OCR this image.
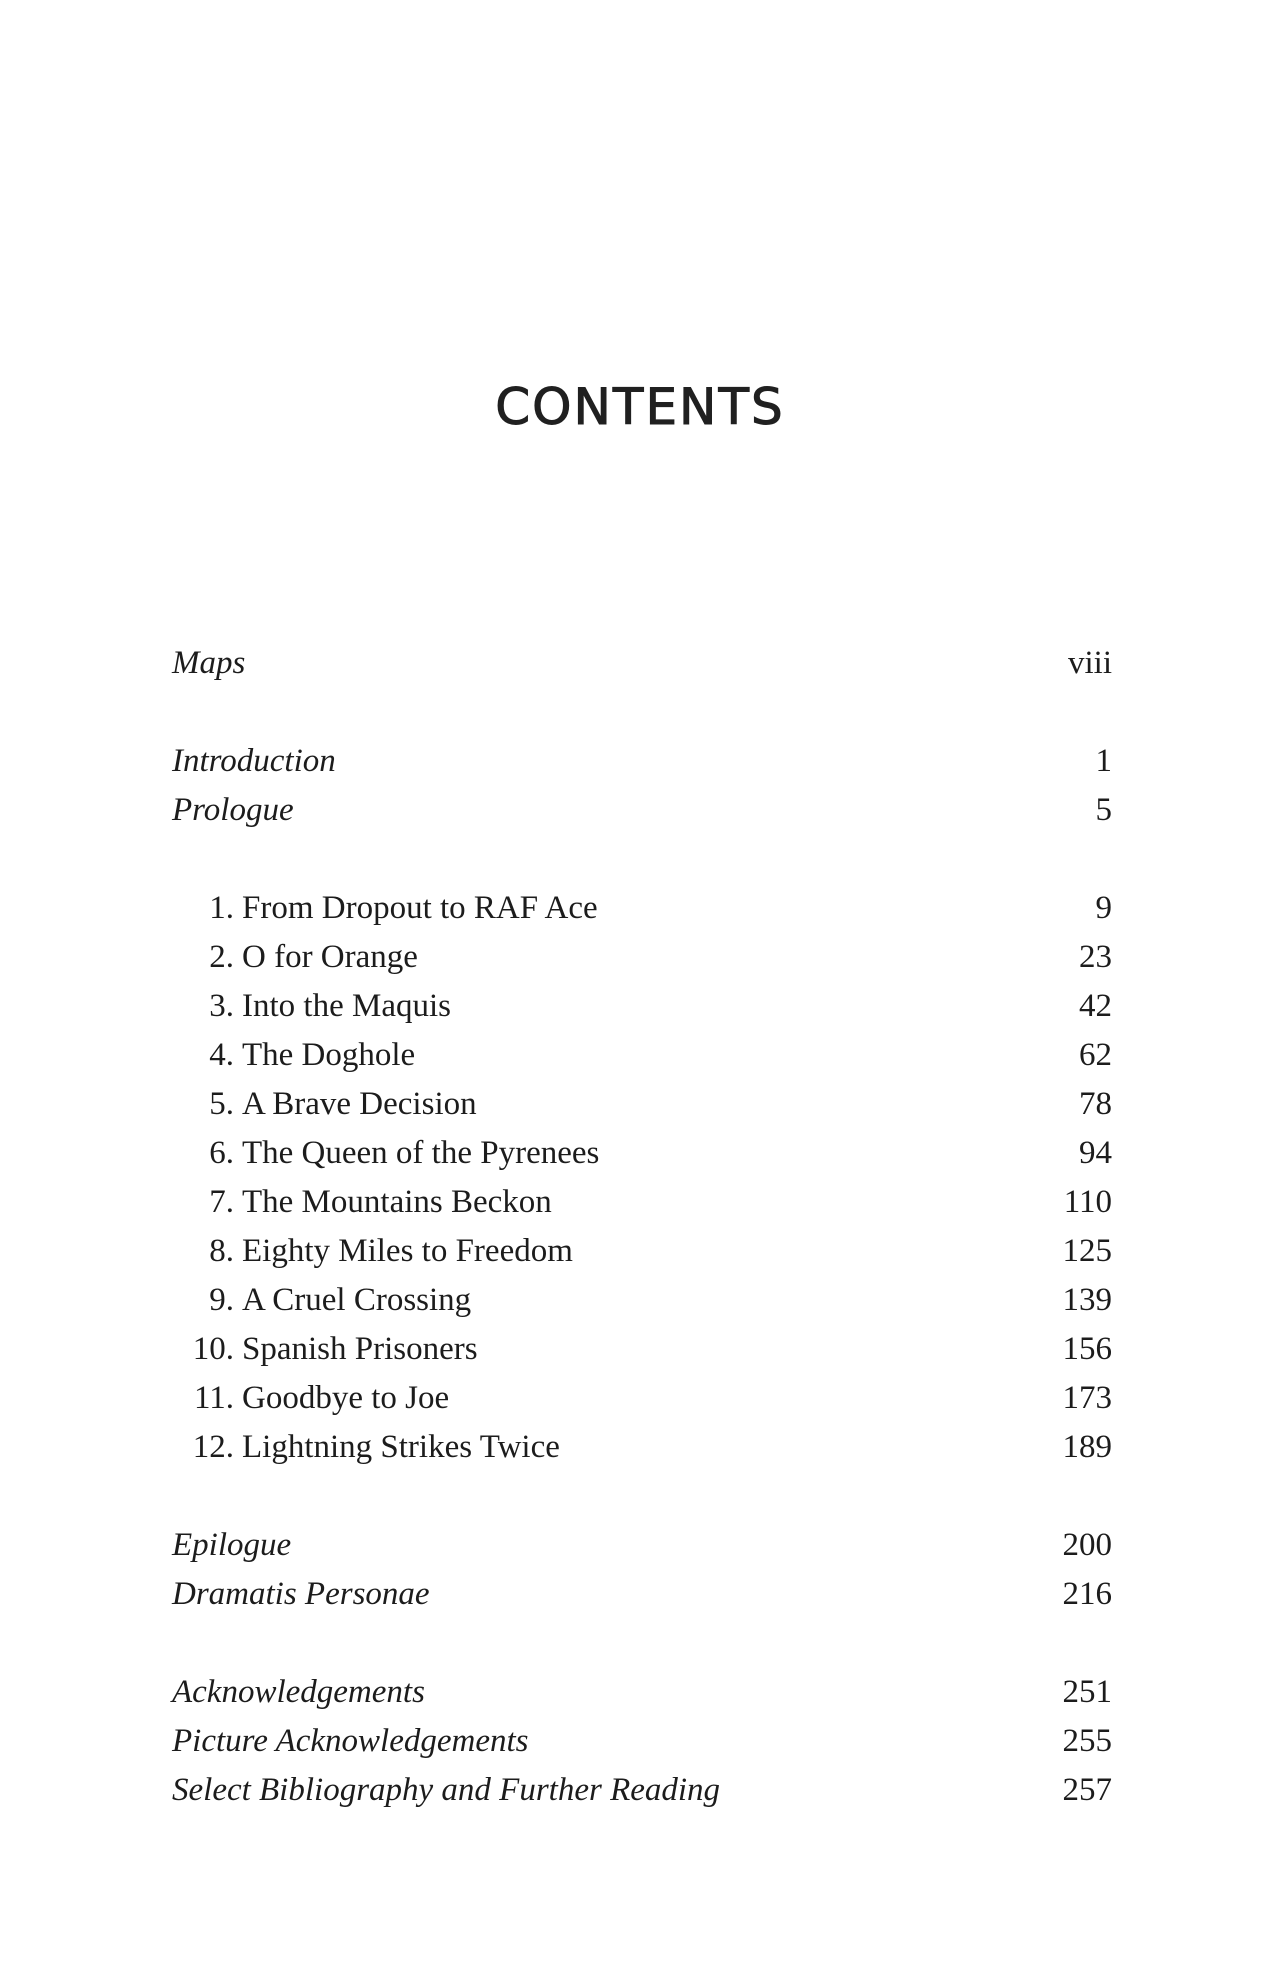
CONTENTS
Maps	viii
Introduction	1
Prologue	5
1. From Dropout to RAF Ace	9
2. O for Orange	23
3. Into the Maquis	42
4. The Doghole	62
5. A Brave Decision	78
6. The Queen of the Pyrenees	94
7. The Mountains Beckon	110
8. Eighty Miles to Freedom	125
9. A Cruel Crossing	139
10. Spanish Prisoners	156
11. Goodbye to Joe	173
12. Lightning Strikes Twice	189
Epilogue	200
Dramatis Personae	216
Acknowledgements	251
Picture Acknowledgements	255
Select Bibliography and Further Reading	257
